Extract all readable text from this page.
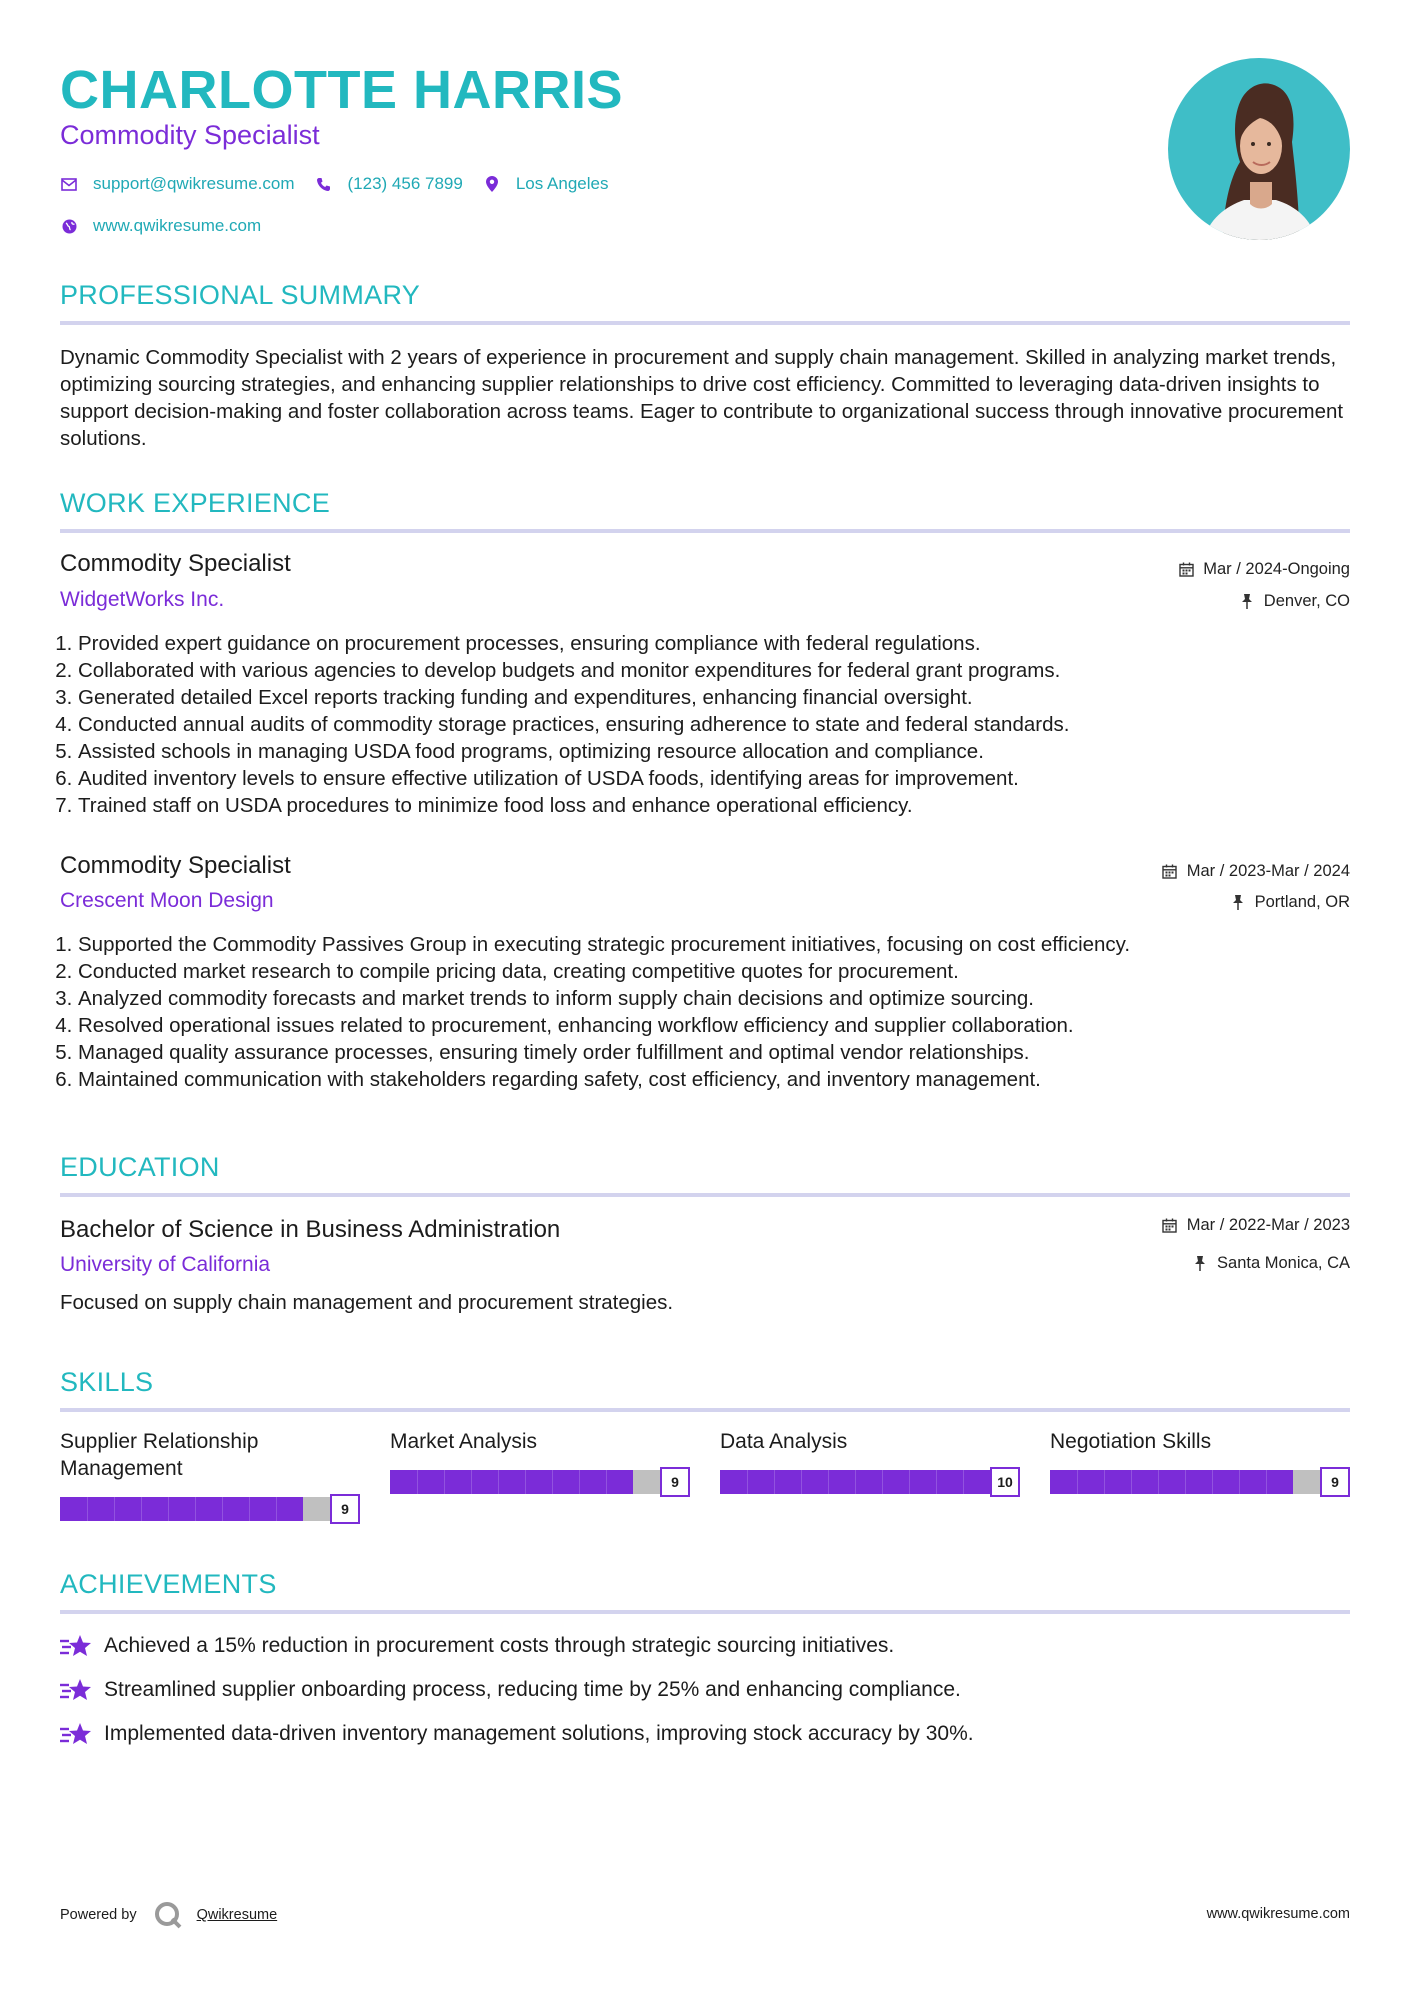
CHARLOTTE HARRIS
Commodity Specialist
support@qwikresume.com	(123) 456 7899	Los Angeles
www.qwikresume.com
PROFESSIONAL SUMMARY
Dynamic Commodity Specialist with 2 years of experience in procurement and supply chain management. Skilled in analyzing market trends, optimizing sourcing strategies, and enhancing supplier relationships to drive cost efficiency. Committed to leveraging data-driven insights to support decision-making and foster collaboration across teams. Eager to contribute to organizational success through innovative procurement solutions.
WORK EXPERIENCE
Commodity Specialist	Mar / 2024-Ongoing
WidgetWorks Inc.	Denver, CO
1. Provided expert guidance on procurement processes, ensuring compliance with federal regulations.
2. Collaborated with various agencies to develop budgets and monitor expenditures for federal grant programs.
3. Generated detailed Excel reports tracking funding and expenditures, enhancing financial oversight.
4. Conducted annual audits of commodity storage practices, ensuring adherence to state and federal standards.
5. Assisted schools in managing USDA food programs, optimizing resource allocation and compliance.
6. Audited inventory levels to ensure effective utilization of USDA foods, identifying areas for improvement.
7. Trained staff on USDA procedures to minimize food loss and enhance operational efficiency.
Commodity Specialist	Mar / 2023-Mar / 2024
Crescent Moon Design	Portland, OR
1. Supported the Commodity Passives Group in executing strategic procurement initiatives, focusing on cost efficiency.
2. Conducted market research to compile pricing data, creating competitive quotes for procurement.
3. Analyzed commodity forecasts and market trends to inform supply chain decisions and optimize sourcing.
4. Resolved operational issues related to procurement, enhancing workflow efficiency and supplier collaboration.
5. Managed quality assurance processes, ensuring timely order fulfillment and optimal vendor relationships.
6. Maintained communication with stakeholders regarding safety, cost efficiency, and inventory management.
EDUCATION
Bachelor of Science in Business Administration	Mar / 2022-Mar / 2023
University of California	Santa Monica, CA
Focused on supply chain management and procurement strategies.
SKILLS
Supplier Relationship Management
9
Market Analysis
9
Data Analysis
10
Negotiation Skills
9
ACHIEVEMENTS
Achieved a 15% reduction in procurement costs through strategic sourcing initiatives.
Streamlined supplier onboarding process, reducing time by 25% and enhancing compliance.
Implemented data-driven inventory management solutions, improving stock accuracy by 30%.
Powered by	Qwikresume	www.qwikresume.com
